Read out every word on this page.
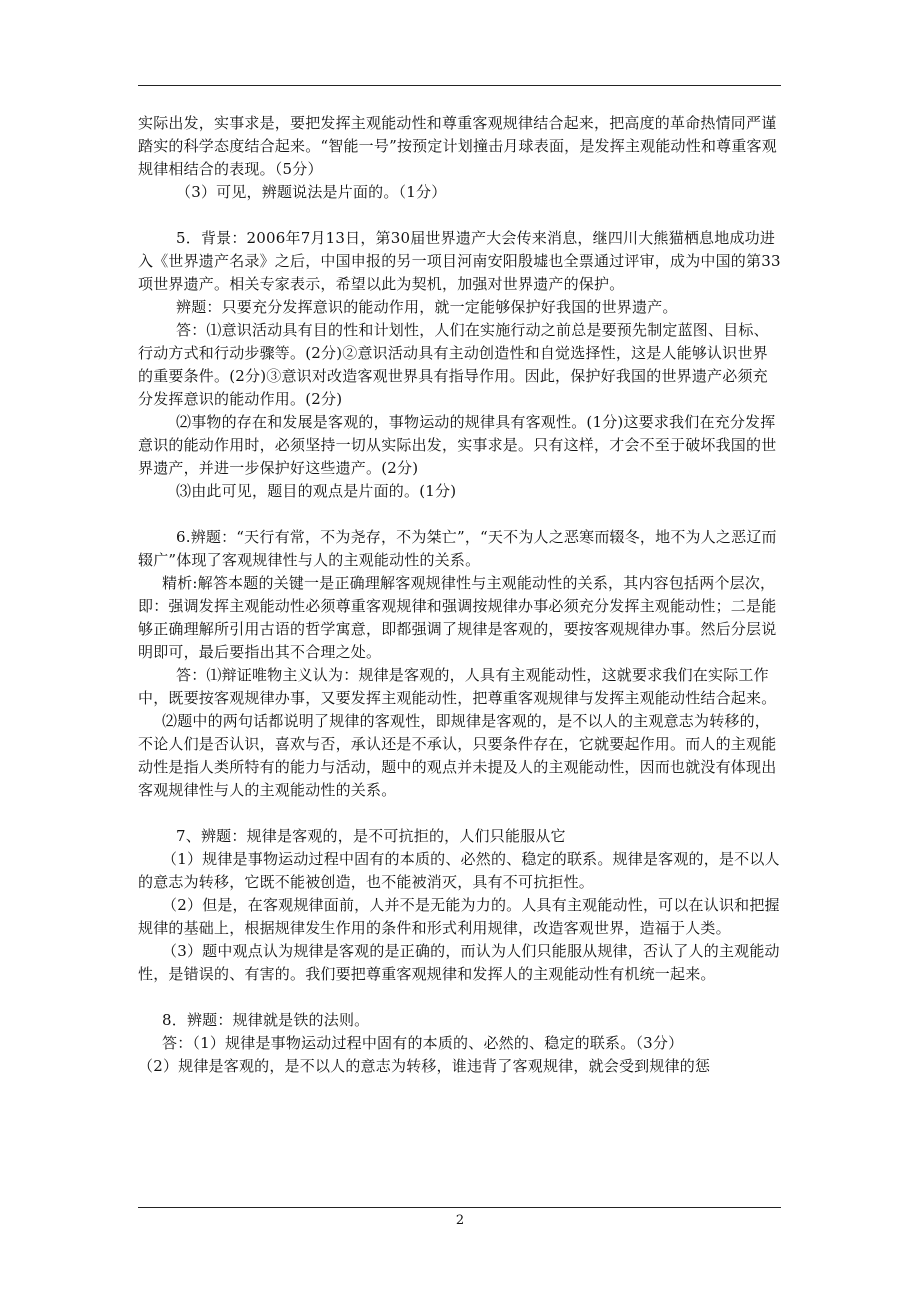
实际出发，实事求是，要把发挥主观能动性和尊重客观规律结合起来，把高度的革命热情同严谨踏实的科学态度结合起来。“智能一号”按预定计划撞击月球表面，是发挥主观能动性和尊重客观规律相结合的表现。（5分）

（3）可见，辨题说法是片面的。（1分）

5．背景：2006年7月13日，第30届世界遗产大会传来消息，继四川大熊猫栖息地成功进入《世界遗产名录》之后，中国申报的另一项目河南安阳殷墟也全票通过评审，成为中国的第33项世界遗产。相关专家表示，希望以此为契机，加强对世界遗产的保护。

辨题：只要充分发挥意识的能动作用，就一定能够保护好我国的世界遗产。

答：⑴意识活动具有目的性和计划性，人们在实施行动之前总是要预先制定蓝图、目标、行动方式和行动步骤等。(2分)②意识活动具有主动创造性和自觉选择性，这是人能够认识世界的重要条件。(2分)③意识对改造客观世界具有指导作用。因此，保护好我国的世界遗产必须充分发挥意识的能动作用。(2分)

⑵事物的存在和发展是客观的，事物运动的规律具有客观性。(1分)这要求我们在充分发挥意识的能动作用时，必须坚持一切从实际出发，实事求是。只有这样，才会不至于破坏我国的世界遗产，并进一步保护好这些遗产。(2分)

⑶由此可见，题目的观点是片面的。(1分)

6.辨题：“天行有常，不为尧存，不为桀亡”，“天不为人之恶寒而辍冬，地不为人之恶辽而辍广”体现了客观规律性与人的主观能动性的关系。

精析:解答本题的关键一是正确理解客观规律性与主观能动性的关系，其内容包括两个层次，即：强调发挥主观能动性必须尊重客观规律和强调按规律办事必须充分发挥主观能动性；二是能够正确理解所引用古语的哲学寓意，即都强调了规律是客观的，要按客观规律办事。然后分层说明即可，最后要指出其不合理之处。

答：⑴辩证唯物主义认为：规律是客观的，人具有主观能动性，这就要求我们在实际工作中，既要按客观规律办事，又要发挥主观能动性，把尊重客观规律与发挥主观能动性结合起来。

⑵题中的两句话都说明了规律的客观性，即规律是客观的，是不以人的主观意志为转移的，不论人们是否认识，喜欢与否，承认还是不承认，只要条件存在，它就要起作用。而人的主观能动性是指人类所特有的能力与活动，题中的观点并未提及人的主观能动性，因而也就没有体现出客观规律性与人的主观能动性的关系。

7、辨题：规律是客观的，是不可抗拒的，人们只能服从它

（1）规律是事物运动过程中固有的本质的、必然的、稳定的联系。规律是客观的，是不以人的意志为转移，它既不能被创造，也不能被消灭，具有不可抗拒性。

（2）但是，在客观规律面前，人并不是无能为力的。人具有主观能动性，可以在认识和把握规律的基础上，根据规律发生作用的条件和形式利用规律，改造客观世界，造福于人类。

（3）题中观点认为规律是客观的是正确的，而认为人们只能服从规律，否认了人的主观能动性，是错误的、有害的。我们要把尊重客观规律和发挥人的主观能动性有机统一起来。

8．辨题：规律就是铁的法则。

答：（1）规律是事物运动过程中固有的本质的、必然的、稳定的联系。（3分）

（2）规律是客观的，是不以人的意志为转移，谁违背了客观规律，就会受到规律的惩

2
